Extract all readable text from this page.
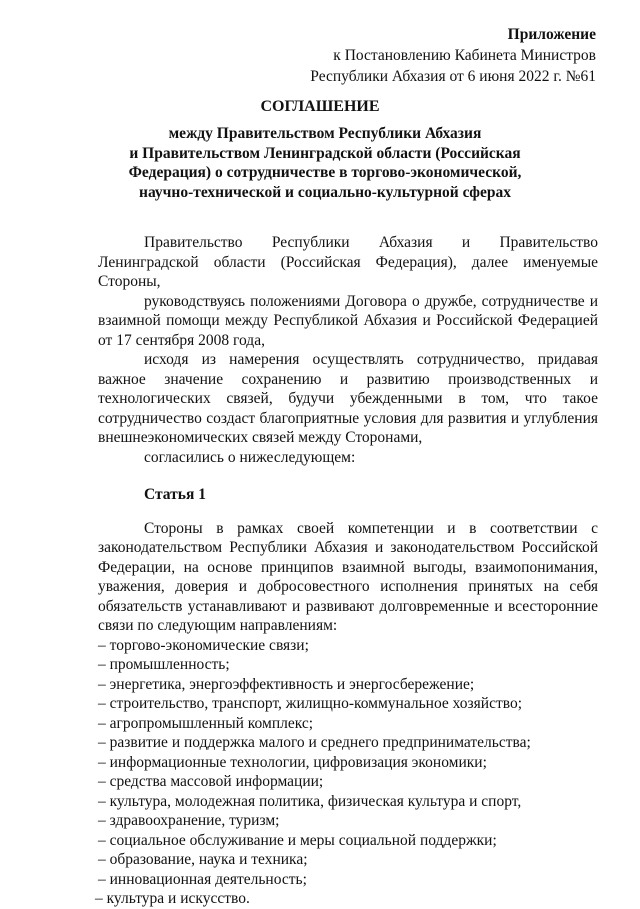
Приложение
к Постановлению Кабинета Министров
Республики Абхазия от 6 июня 2022 г. №61
СОГЛАШЕНИЕ
между Правительством Республики Абхазия
и Правительством Ленинградской области (Российская
Федерация) о сотрудничестве в торгово-экономической,
научно-технической и социально-культурной сферах

Правительство Республики Абхазия и Правительство Ленинградской области (Российская Федерация), далее именуемые Стороны,

руководствуясь положениями Договора о дружбе, сотрудничестве и взаимной помощи между Республикой Абхазия и Российской Федерацией от 17 сентября 2008 года,

исходя из намерения осуществлять сотрудничество, придавая важное значение сохранению и развитию производственных и технологических связей, будучи убежденными в том, что такое сотрудничество создаст благоприятные условия для развития и углубления внешнеэкономических связей между Сторонами,

согласились о нижеследующем:

Статья 1

Стороны в рамках своей компетенции и в соответствии с законодательством Республики Абхазия и законодательством Российской Федерации, на основе принципов взаимной выгоды, взаимопонимания, уважения, доверия и добросовестного исполнения принятых на себя обязательств устанавливают и развивают долговременные и всесторонние связи по следующим направлениям:

– торгово-экономические связи;
– промышленность;
– энергетика, энергоэффективность и энергосбережение;
– строительство, транспорт, жилищно-коммунальное хозяйство;
– агропромышленный комплекс;
– развитие и поддержка малого и среднего предпринимательства;
– информационные технологии, цифровизация экономики;
– средства массовой информации;
– культура, молодежная политика, физическая культура и спорт,
– здравоохранение, туризм;
– социальное обслуживание и меры социальной поддержки;
– образование, наука и техника;
– инновационная деятельность;
– культура и искусство.
